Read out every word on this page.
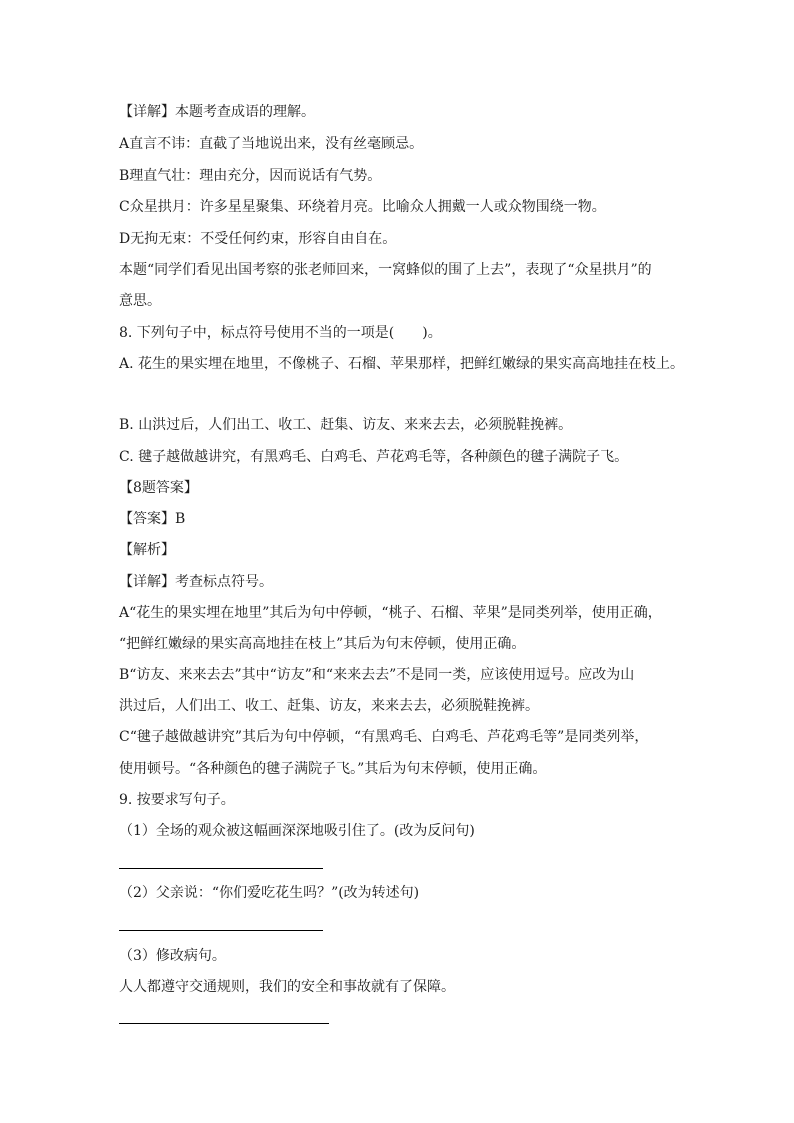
【详解】本题考查成语的理解。
A直言不讳：直截了当地说出来，没有丝毫顾忌。
B理直气壮：理由充分，因而说话有气势。
C众星拱月：许多星星聚集、环绕着月亮。比喻众人拥戴一人或众物围绕一物。
D无拘无束：不受任何约束，形容自由自在。
本题“同学们看见出国考察的张老师回来，一窝蜂似的围了上去”，表现了“众星拱月”的
意思。
8. 下列句子中，标点符号使用不当的一项是(　　)。
A. 花生的果实埋在地里，不像桃子、石榴、苹果那样，把鲜红嫩绿的果实高高地挂在枝上。
B. 山洪过后，人们出工、收工、赶集、访友、来来去去，必须脱鞋挽裤。
C. 毽子越做越讲究，有黑鸡毛、白鸡毛、芦花鸡毛等，各种颜色的毽子满院子飞。
【8题答案】
【答案】B
【解析】
【详解】考查标点符号。
A“花生的果实埋在地里”其后为句中停顿，“桃子、石榴、苹果”是同类列举，使用正确，
“把鲜红嫩绿的果实高高地挂在枝上”其后为句末停顿，使用正确。
B“访友、来来去去”其中“访友”和“来来去去”不是同一类，应该使用逗号。应改为山
洪过后，人们出工、收工、赶集、访友，来来去去，必须脱鞋挽裤。
C“毽子越做越讲究”其后为句中停顿，“有黑鸡毛、白鸡毛、芦花鸡毛等”是同类列举，
使用顿号。“各种颜色的毽子满院子飞。”其后为句末停顿，使用正确。
9. 按要求写句子。
（1）全场的观众被这幅画深深地吸引住了。(改为反问句)
（2）父亲说：“你们爱吃花生吗？”(改为转述句)
（3）修改病句。
人人都遵守交通规则，我们的安全和事故就有了保障。
